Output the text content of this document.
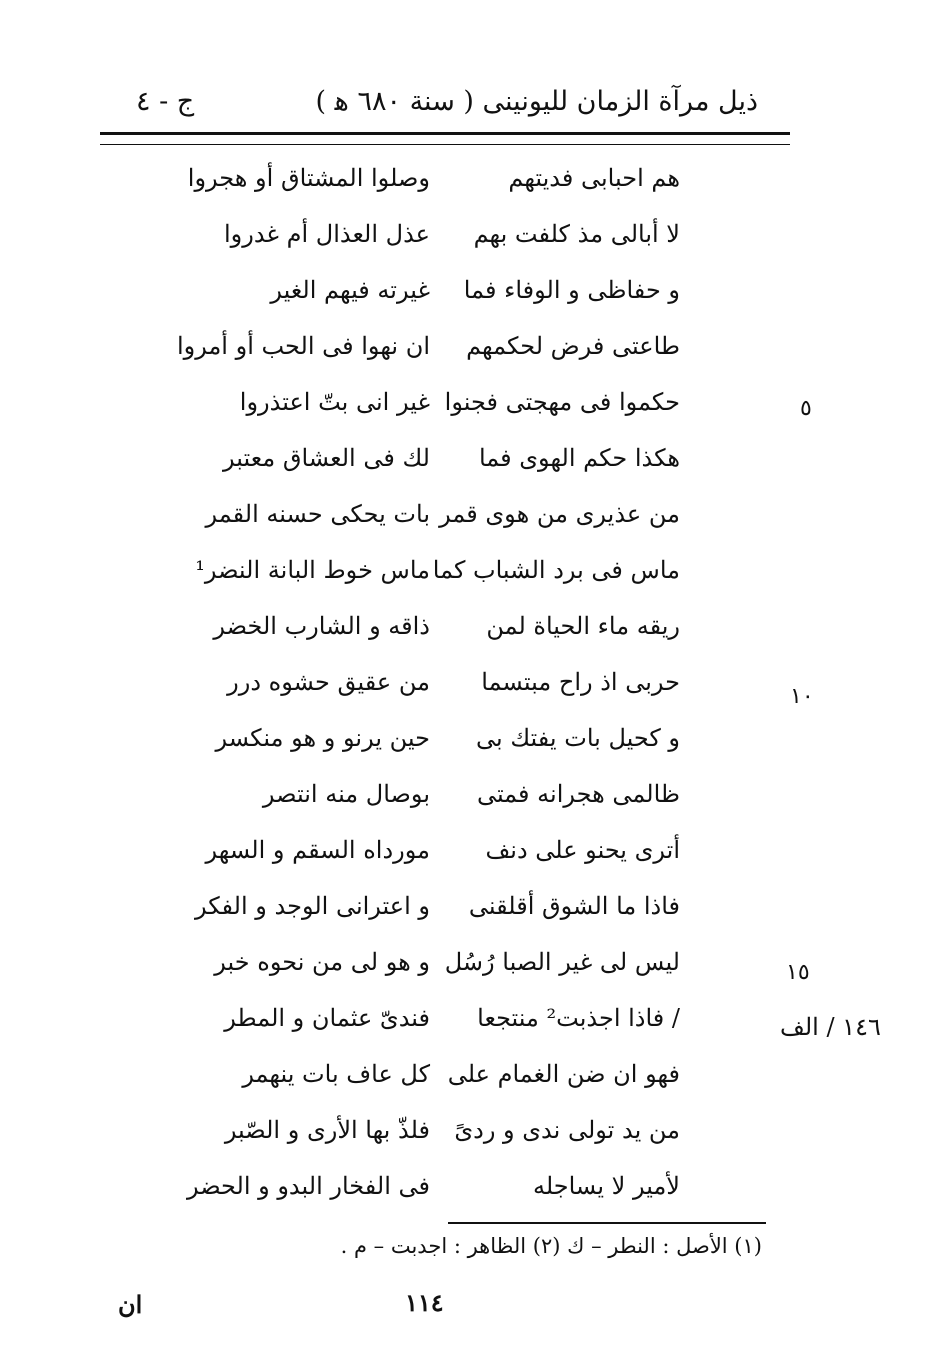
ذيل مرآة الزمان لليونينى ( سنة ٦٨٠ ﻫ )
ج - ٤
هم احبابى فديتهم
وصلوا المشتاق أو هجروا
لا أبالى مذ كلفت بهم
عذل العذال أم غدروا
و حفاظى و الوفاء فما
غيرته فيهم الغير
طاعتى فرض لحكمهم
ان نهوا فى الحب أو أمروا
حكموا فى مهجتى فجنوا
غير انى بتّ اعتذروا
هكذا حكم الهوى فما
لك فى العشاق معتبر
من عذيرى من هوى قمر
بات يحكى حسنه القمر
ماس فى برد الشباب كما
ماس خوط البانة النضر¹
ريقه ماء الحياة لمن
ذاقه و الشارب الخضر
حربى اذ راح مبتسما
من عقيق حشوه درر
و كحيل بات يفتك بى
حين يرنو و هو منكسر
ظالمى هجرانه فمتى
بوصال منه انتصر
أترى يحنو على دنف
مورداه السقم و السهر
فاذا ما الشوق أقلقنى
و اعترانى الوجد و الفكر
ليس لى غير الصبا رُسُل
و هو لى من نحوه خبر
/ فاذا اجذبت² منتجعا
فندىّ عثمان و المطر
فهو ان ضن الغمام على
كل عاف بات ينهمر
من يد تولى ندى و ردىً
فلذّ بها الأرى و الصّبر
لأمير لا يساجله
فى الفخار البدو و الحضر
٥
١٠
١٥
١٤٦ / الف
(١) الأصل : النطر – ك (٢) الظاهر : اجدبت – م .
ان	١١٤
